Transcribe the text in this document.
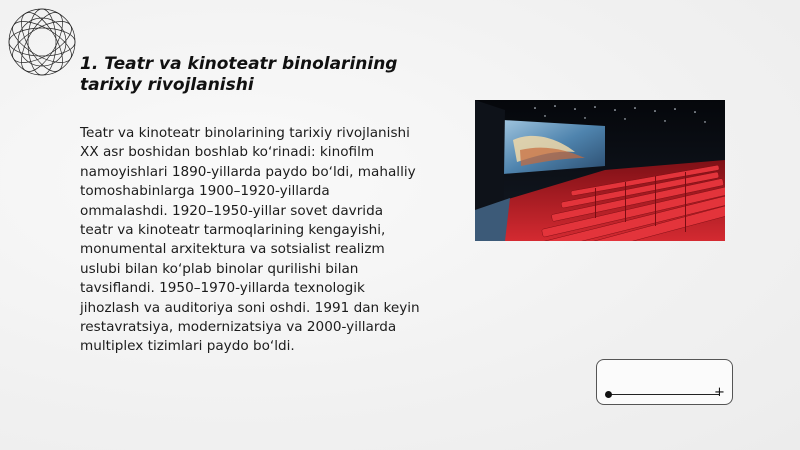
1. Teatr va kinoteatr binolarining tarixiy rivojlanishi
Teatr va kinoteatr binolarining tarixiy rivojlanishi XX asr boshidan boshlab koʻrinadi: kinofilm namoyishlari 1890-yillarda paydo boʻldi, mahalliy tomoshabinlarga 1900–1920-yillarda ommalashdi. 1920–1950-yillar sovet davrida teatr va kinoteatr tarmoqlarining kengayishi, monumental arxitektura va sotsialist realizm uslubi bilan koʻplab binolar qurilishi bilan tavsiflandi. 1950–1970-yillarda texnologik jihozlash va auditoriya soni oshdi. 1991 dan keyin restavratsiya, modernizatsiya va 2000-yillarda multiplex tizimlari paydo boʻldi.
+
